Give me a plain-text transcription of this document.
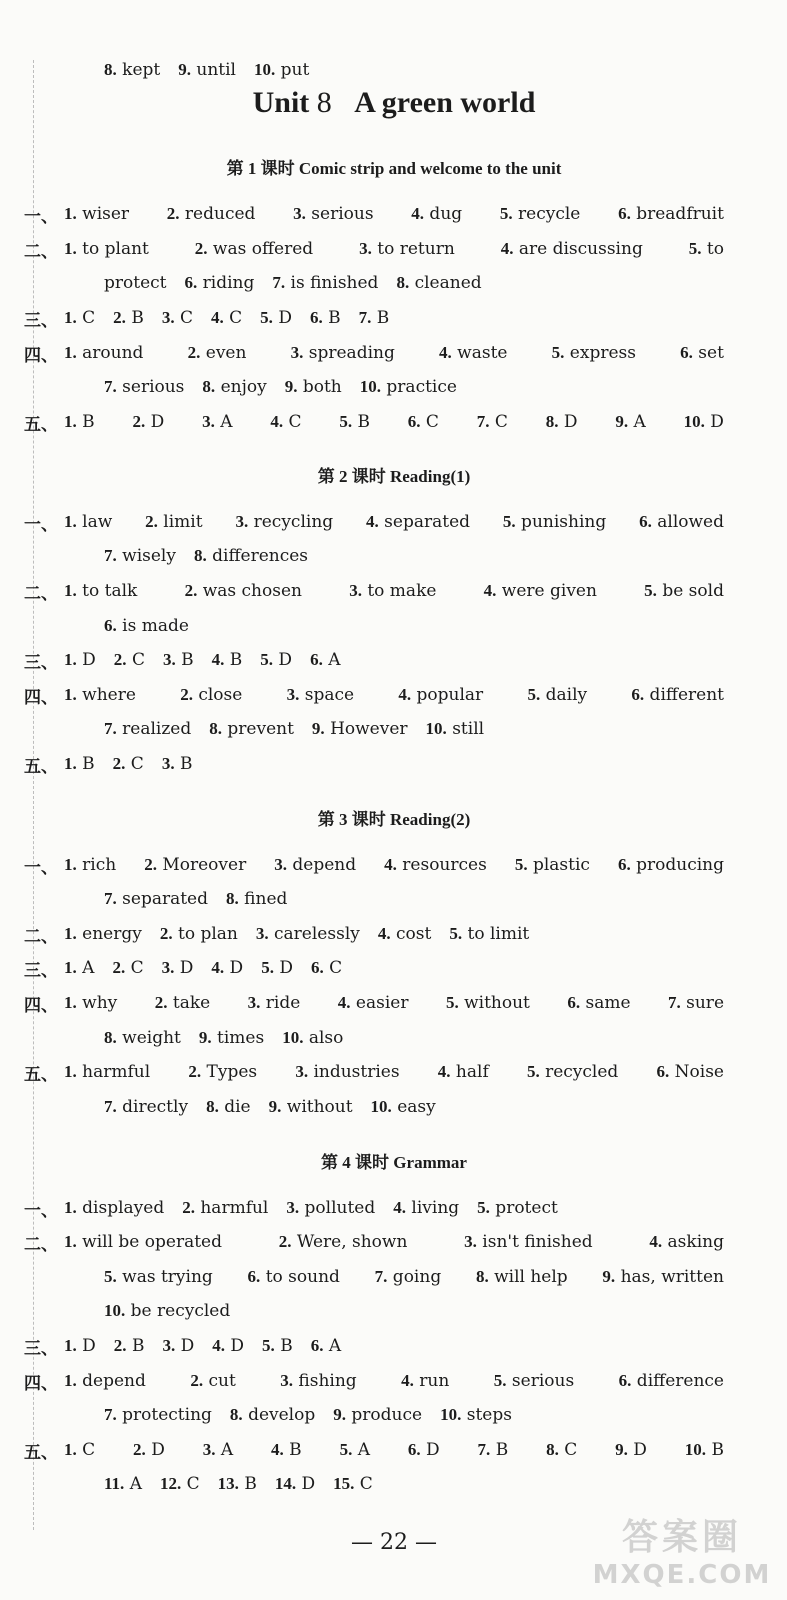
8. kept 9. until 10. put
Unit 8 A green world
第 1 课时 Comic strip and welcome to the unit
一、 1. wiser 2. reduced 3. serious 4. dug 5. recycle 6. breadfruit
二、 1. to plant	2. was offered	3. to return	4. are discussing	5. to
protect 6. riding 7. is finished 8. cleaned
三、 1. C 2. B 3. C 4. C 5. D 6. B 7. B
四、 1. around	2. even	3. spreading	4. waste	5. express	6. set
7. serious 8. enjoy 9. both 10. practice
五、 1. B 2. D 3. A 4. C 5. B 6. C 7. C 8. D 9. A 10. D
第 2 课时 Reading(1)
一、 1. law 2. limit 3. recycling 4. separated 5. punishing 6. allowed
7. wisely 8. differences
二、 1. to talk	2. was chosen	3. to make	4. were given	5. be sold
6. is made
三、 1. D 2. C 3. B 4. B 5. D 6. A
四、 1. where	2. close	3. space	4. popular	5. daily	6. different
7. realized 8. prevent 9. However 10. still
五、 1. B 2. C 3. B
第 3 课时 Reading(2)
一、 1. rich 2. Moreover 3. depend 4. resources 5. plastic 6. producing
7. separated 8. fined
二、 1. energy 2. to plan 3. carelessly 4. cost 5. to limit
三、 1. A 2. C 3. D 4. D 5. D 6. C
四、 1. why 2. take 3. ride 4. easier 5. without 6. same 7. sure
8. weight 9. times 10. also
五、 1. harmful 2. Types 3. industries 4. half 5. recycled 6. Noise
7. directly 8. die 9. without 10. easy
第 4 课时 Grammar
一、 1. displayed 2. harmful 3. polluted 4. living 5. protect
二、 1. will be operated	2. Were, shown	3. isn't finished	4. asking
5. was trying 6. to sound 7. going 8. will help 9. has, written
10. be recycled
三、 1. D 2. B 3. D 4. D 5. B 6. A
四、 1. depend	2. cut	3. fishing	4. run	5. serious	6. difference
7. protecting 8. develop 9. produce 10. steps
五、 1. C 2. D 3. A 4. B 5. A 6. D 7. B 8. C 9. D 10. B
11. A 12. C 13. B 14. D 15. C
— 22 —	答案圈
MXQE.COM
